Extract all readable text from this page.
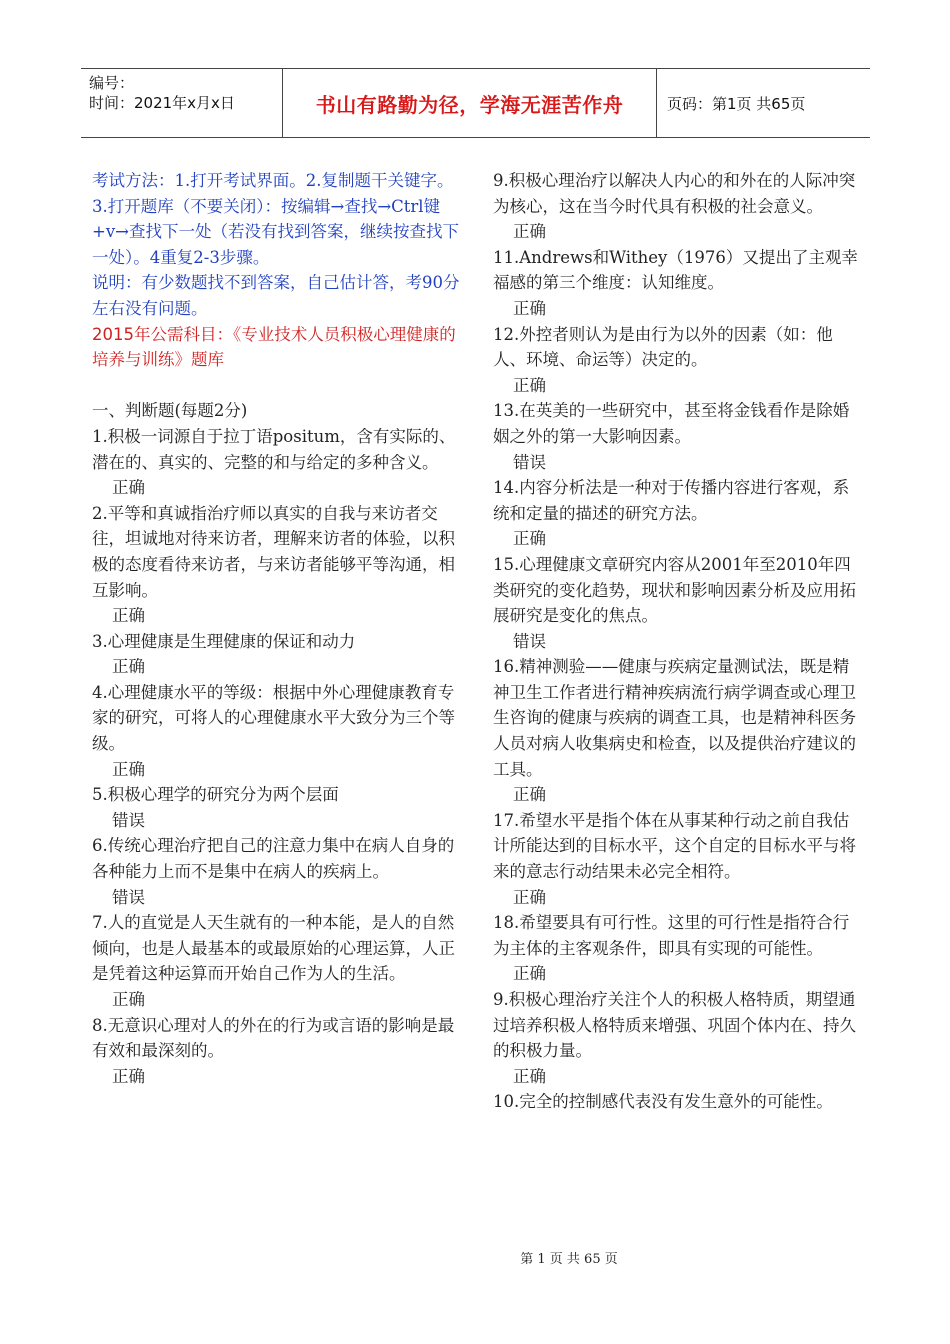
编号：
时间：2021年x月x日	书山有路勤为径，学海无涯苦作舟	页码：第1页 共65页

考试方法：1.打开考试界面。2.复制题干关键字。3.打开题库（不要关闭）：按编辑→查找→Ctrl键+v→查找下一处（若没有找到答案，继续按查找下一处）。4重复2-3步骤。

说明：有少数题找不到答案，自己估计答，考90分左右没有问题。

2015年公需科目：《专业技术人员积极心理健康的培养与训练》题库

一、判断题(每题2分)

1.积极一词源自于拉丁语positum，含有实际的、潜在的、真实的、完整的和与给定的多种含义。

正确

2.平等和真诚指治疗师以真实的自我与来访者交往，坦诚地对待来访者，理解来访者的体验，以积极的态度看待来访者，与来访者能够平等沟通，相互影响。

正确

3.心理健康是生理健康的保证和动力

正确

4.心理健康水平的等级：根据中外心理健康教育专家的研究，可将人的心理健康水平大致分为三个等级。

正确

5.积极心理学的研究分为两个层面

错误

6.传统心理治疗把自己的注意力集中在病人自身的各种能力上而不是集中在病人的疾病上。

错误

7.人的直觉是人天生就有的一种本能，是人的自然倾向，也是人最基本的或最原始的心理运算，人正是凭着这种运算而开始自己作为人的生活。

正确

8.无意识心理对人的外在的行为或言语的影响是最有效和最深刻的。

正确

9.积极心理治疗以解决人内心的和外在的人际冲突为核心，这在当今时代具有积极的社会意义。

正确

11.Andrews和Withey（1976）又提出了主观幸福感的第三个维度：认知维度。

正确

12.外控者则认为是由行为以外的因素（如：他人、环境、命运等）决定的。

正确

13.在英美的一些研究中，甚至将金钱看作是除婚姻之外的第一大影响因素。

错误

14.内容分析法是一种对于传播内容进行客观，系统和定量的描述的研究方法。

正确

15.心理健康文章研究内容从2001年至2010年四类研究的变化趋势，现状和影响因素分析及应用拓展研究是变化的焦点。

错误

16.精神测验——健康与疾病定量测试法，既是精神卫生工作者进行精神疾病流行病学调查或心理卫生咨询的健康与疾病的调查工具，也是精神科医务人员对病人收集病史和检查，以及提供治疗建议的工具。

正确

17.希望水平是指个体在从事某种行动之前自我估计所能达到的目标水平，这个自定的目标水平与将来的意志行动结果未必完全相符。

正确

18.希望要具有可行性。这里的可行性是指符合行为主体的主客观条件，即具有实现的可能性。

正确

9.积极心理治疗关注个人的积极人格特质，期望通过培养积极人格特质来增强、巩固个体内在、持久的积极力量。

正确

10.完全的控制感代表没有发生意外的可能性。

第 1 页 共 65 页
